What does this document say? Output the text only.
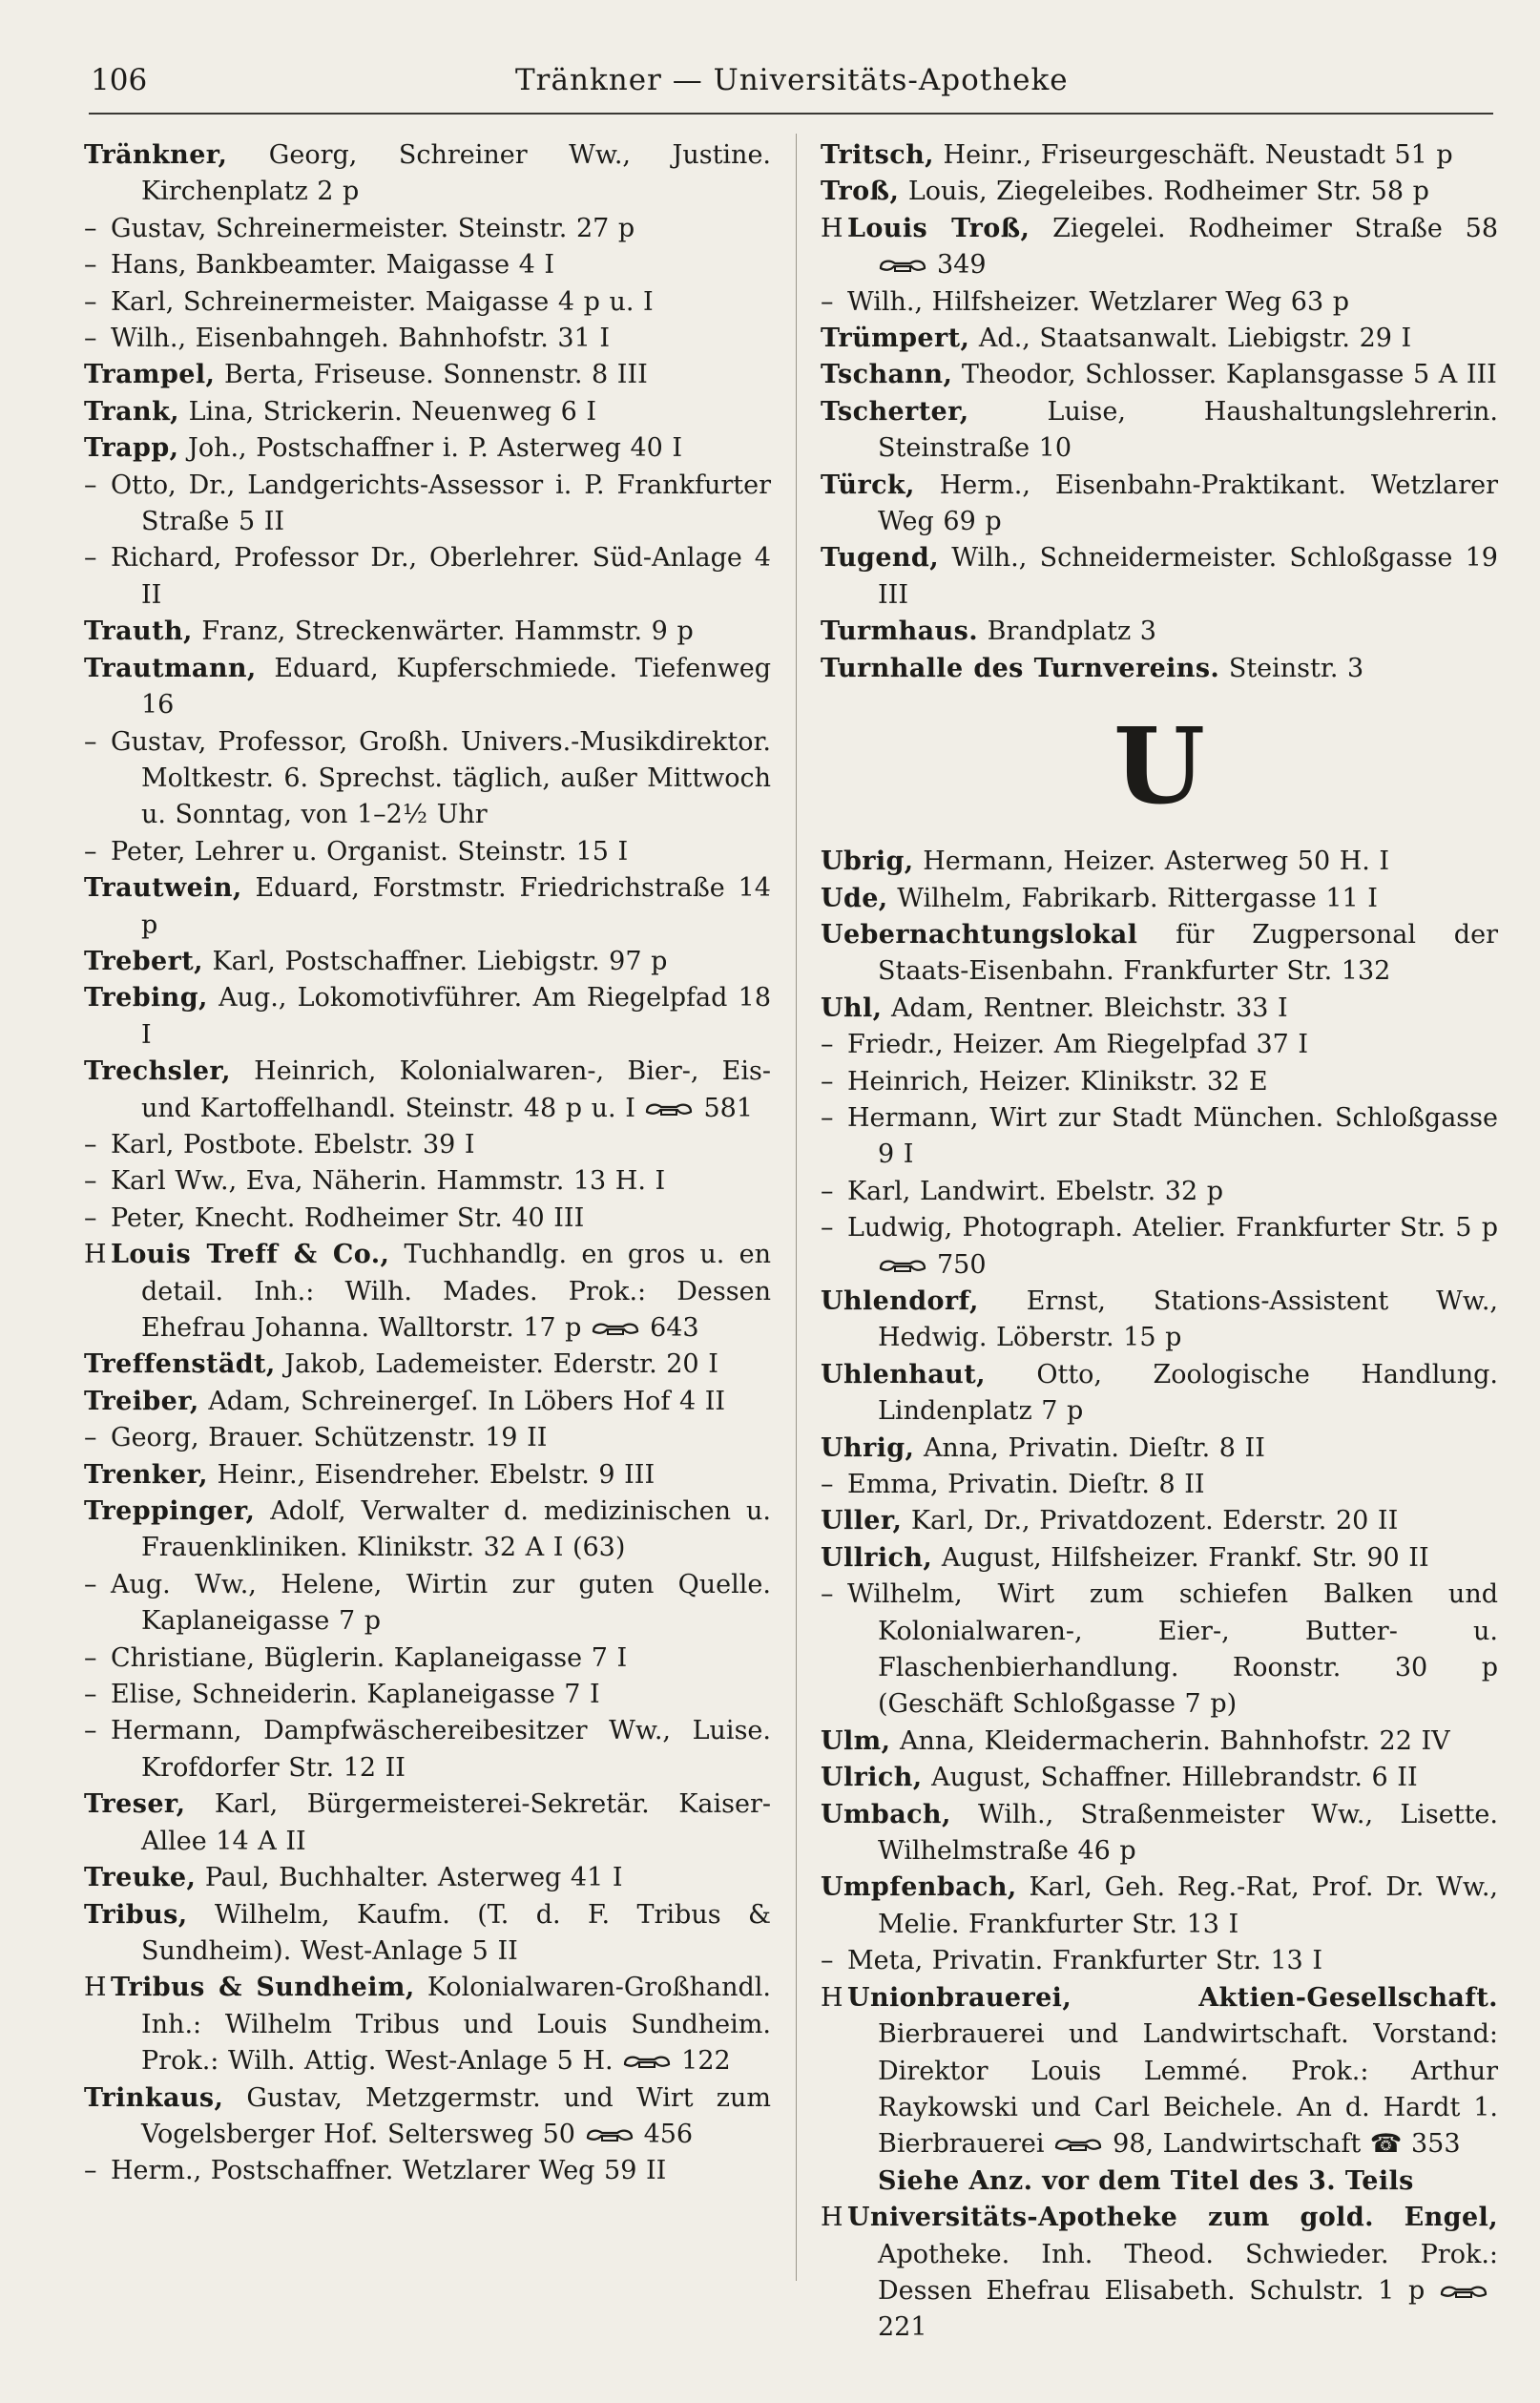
106	Tränkner — Universitäts-Apotheke
Tränkner, Georg, Schreiner Ww., Justine. Kirchenplatz 2 p
– Gustav, Schreinermeister. Steinstr. 27 p
– Hans, Bankbeamter. Maigasse 4 I
– Karl, Schreinermeister. Maigasse 4 p u. I
– Wilh., Eisenbahngeh. Bahnhofstr. 31 I
Trampel, Berta, Friseuse. Sonnenstr. 8 III
Trank, Lina, Strickerin. Neuenweg 6 I
Trapp, Joh., Postschaffner i. P. Asterweg 40 I
– Otto, Dr., Landgerichts-Assessor i. P. Frankfurter Straße 5 II
– Richard, Professor Dr., Oberlehrer. Süd-Anlage 4 II
Trauth, Franz, Streckenwärter. Hammstr. 9 p
Trautmann, Eduard, Kupferschmiede. Tiefenweg 16
– Gustav, Professor, Großh. Univers.-Musikdirektor. Moltkestr. 6. Sprechst. täglich, außer Mittwoch u. Sonntag, von 1–2½ Uhr
– Peter, Lehrer u. Organist. Steinstr. 15 I
Trautwein, Eduard, Forstmstr. Friedrichstraße 14 p
Trebert, Karl, Postschaffner. Liebigstr. 97 p
Trebing, Aug., Lokomotivführer. Am Riegelpfad 18 I
Trechsler, Heinrich, Kolonialwaren-, Bier-, Eis- und Kartoffelhandl. Steinstr. 48 p u. I	581
– Karl, Postbote. Ebelstr. 39 I
– Karl Ww., Eva, Näherin. Hammstr. 13 H. I
– Peter, Knecht. Rodheimer Str. 40 III
H Louis Treff & Co., Tuchhandlg. en gros u. en detail. Inh.: Wilh. Mades. Prok.: Dessen Ehefrau Johanna. Walltorstr. 17 p	643
Treffenstädt, Jakob, Lademeister. Ederstr. 20 I
Treiber, Adam, Schreinergeſ. In Löbers Hof 4 II
– Georg, Brauer. Schützenstr. 19 II
Trenker, Heinr., Eisendreher. Ebelstr. 9 III
Treppinger, Adolf, Verwalter d. medizinischen u. Frauenkliniken. Klinikstr. 32 A I (63)
– Aug. Ww., Helene, Wirtin zur guten Quelle. Kaplaneigasse 7 p
– Christiane, Büglerin. Kaplaneigasse 7 I
– Elise, Schneiderin. Kaplaneigasse 7 I
– Hermann, Dampfwäschereibesitzer Ww., Luise. Krofdorfer Str. 12 II
Treser, Karl, Bürgermeisterei-Sekretär. Kaiser-Allee 14 A II
Treuke, Paul, Buchhalter. Asterweg 41 I
Tribus, Wilhelm, Kaufm. (T. d. F. Tribus & Sundheim). West-Anlage 5 II
H Tribus & Sundheim, Kolonialwaren-Großhandl. Inh.: Wilhelm Tribus und Louis Sundheim. Prok.: Wilh. Attig. West-Anlage 5 H.	122
Trinkaus, Gustav, Metzgermstr. und Wirt zum Vogelsberger Hof. Seltersweg 50	456
– Herm., Postschaffner. Wetzlarer Weg 59 II
Tritsch, Heinr., Friseurgeschäft. Neustadt 51 p
Troß, Louis, Ziegeleibes. Rodheimer Str. 58 p
H Louis Troß, Ziegelei. Rodheimer Straße 58
349
– Wilh., Hilfsheizer. Wetzlarer Weg 63 p
Trümpert, Ad., Staatsanwalt. Liebigstr. 29 I
Tschann, Theodor, Schlosser. Kaplansgasse 5 A III
Tscherter,	Luise, Haushaltungslehrerin. Steinstraße 10
Türck, Herm., Eisenbahn-Praktikant. Wetzlarer Weg 69 p
Tugend, Wilh., Schneidermeister. Schloßgasse 19 III
Turmhaus. Brandplatz 3
Turnhalle des Turnvereins. Steinstr. 3
U
Ubrig, Hermann, Heizer. Asterweg 50 H. I
Ude, Wilhelm, Fabrikarb. Rittergasse 11 I
Uebernachtungslokal für Zugpersonal der Staats-Eisenbahn. Frankfurter Str. 132
Uhl, Adam, Rentner. Bleichstr. 33 I
– Friedr., Heizer. Am Riegelpfad 37 I
– Heinrich, Heizer. Klinikstr. 32 E
– Hermann, Wirt zur Stadt München. Schloßgasse 9 I
– Karl, Landwirt. Ebelstr. 32 p
– Ludwig, Photograph. Atelier. Frankfurter Str. 5 p
750
Uhlendorf, Ernst, Stations-Assistent Ww., Hedwig. Löberstr. 15 p
Uhlenhaut, Otto, Zoologische Handlung. Lindenplatz 7 p
Uhrig, Anna, Privatin. Dieſtr. 8 II
– Emma, Privatin. Dieſtr. 8 II
Uller, Karl, Dr., Privatdozent. Ederstr. 20 II
Ullrich, August, Hilfsheizer. Frankf. Str. 90 II
– Wilhelm, Wirt zum schiefen Balken und Kolonialwaren-, Eier-, Butter- u. Flaschenbierhandlung. Roonstr. 30 p (Geschäft Schloßgasse 7 p)
Ulm, Anna, Kleidermacherin. Bahnhofstr. 22 IV
Ulrich, August, Schaffner. Hillebrandstr. 6 II
Umbach, Wilh., Straßenmeister Ww., Lisette. Wilhelmstraße 46 p
Umpfenbach, Karl, Geh. Reg.-Rat, Prof. Dr. Ww., Melie. Frankfurter Str. 13 I
– Meta, Privatin. Frankfurter Str. 13 I
H Unionbrauerei, Aktien-Gesellschaft. Bierbrauerei und Landwirtschaft. Vorstand: Direktor Louis Lemmé. Prok.: Arthur Raykowski und Carl Beichele. An d. Hardt 1. Bierbrauerei	98, Landwirtschaft ☎ 353
Siehe Anz. vor dem Titel des 3. Teils
H Universitäts-Apotheke zum gold. Engel, Apotheke. Inh. Theod. Schwieder. Prok.: Dessen Ehefrau Elisabeth. Schulstr. 1 p
221
